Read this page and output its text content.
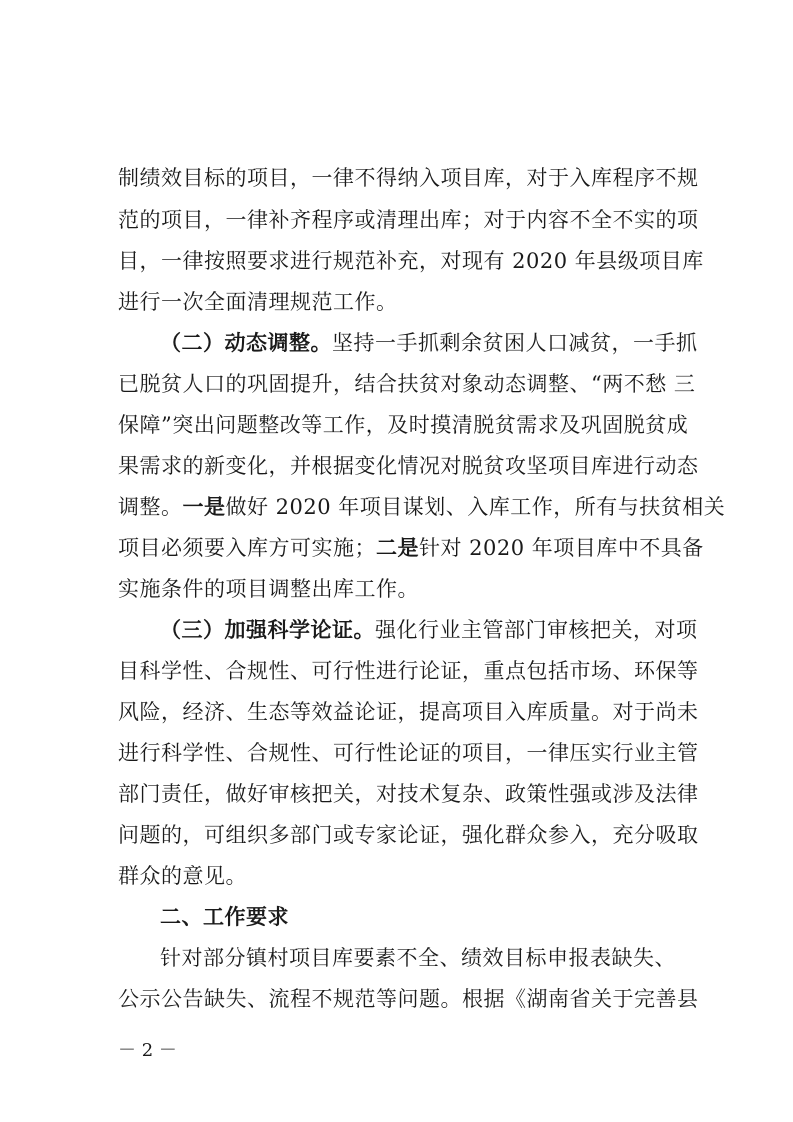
制绩效目标的项目，一律不得纳入项目库，对于入库程序不规
范的项目，一律补齐程序或清理出库；对于内容不全不实的项
目，一律按照要求进行规范补充，对现有 2020 年县级项目库
进行一次全面清理规范工作。
（二）动态调整。坚持一手抓剩余贫困人口减贫，一手抓
已脱贫人口的巩固提升，结合扶贫对象动态调整、“两不愁 三
保障”突出问题整改等工作，及时摸清脱贫需求及巩固脱贫成
果需求的新变化，并根据变化情况对脱贫攻坚项目库进行动态
调整。一是做好 2020 年项目谋划、入库工作，所有与扶贫相关
项目必须要入库方可实施；二是针对 2020 年项目库中不具备
实施条件的项目调整出库工作。
（三）加强科学论证。强化行业主管部门审核把关，对项
目科学性、合规性、可行性进行论证，重点包括市场、环保等
风险，经济、生态等效益论证，提高项目入库质量。对于尚未
进行科学性、合规性、可行性论证的项目，一律压实行业主管
部门责任，做好审核把关，对技术复杂、政策性强或涉及法律
问题的，可组织多部门或专家论证，强化群众参入，充分吸取
群众的意见。
二、工作要求
针对部分镇村项目库要素不全、绩效目标申报表缺失、
公示公告缺失、流程不规范等问题。根据《湖南省关于完善县
－ 2 －
